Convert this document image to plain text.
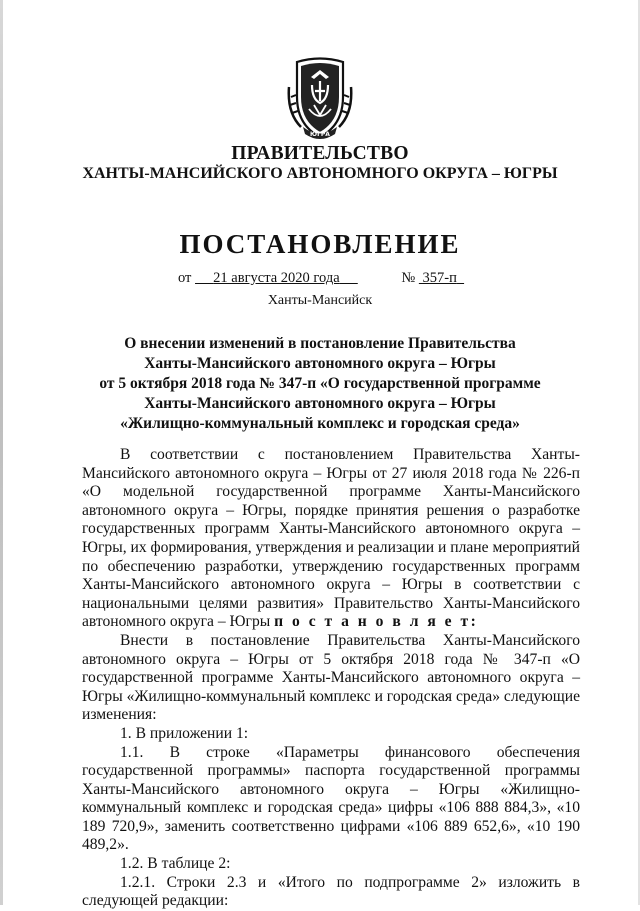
ЮГРА
ПРАВИТЕЛЬСТВО
ХАНТЫ-МАНСИЙСКОГО АВТОНОМНОГО ОКРУГА – ЮГРЫ
ПОСТАНОВЛЕНИЕ
от 21 августа 2020 года	№ 357-п
Ханты-Мансийск
О внесении изменений в постановление Правительства
Ханты-Мансийского автономного округа – Югры
от 5 октября 2018 года № 347-п «О государственной программе
Ханты-Мансийского автономного округа – Югры
«Жилищно-коммунальный комплекс и городская среда»

В соответствии с постановлением Правительства Ханты-Мансийского автономного округа – Югры от 27 июля 2018 года № 226-п «О модельной государственной программе Ханты-Мансийского автономного округа – Югры, порядке принятия решения о разработке государственных программ Ханты-Мансийского автономного округа – Югры, их формирования, утверждения и реализации и плане мероприятий по обеспечению разработки, утверждению государственных программ Ханты-Мансийского автономного округа – Югры в соответствии с национальными целями развития» Правительство Ханты-Мансийского автономного округа – Югры п о с т а н о в л я е т:

Внести в постановление Правительства Ханты-Мансийского автономного округа – Югры от 5 октября 2018 года № 347-п «О государственной программе Ханты-Мансийского автономного округа – Югры «Жилищно-коммунальный комплекс и городская среда» следующие изменения:

1. В приложении 1:

1.1. В строке «Параметры финансового обеспечения государственной программы» паспорта государственной программы Ханты-Мансийского автономного округа – Югры «Жилищно-коммунальный комплекс и городская среда» цифры «106 888 884,3», «10 189 720,9», заменить соответственно цифрами «106 889 652,6», «10 190 489,2».

1.2. В таблице 2:

1.2.1. Строки 2.3 и «Итого по подпрограмме 2» изложить в следующей редакции:
